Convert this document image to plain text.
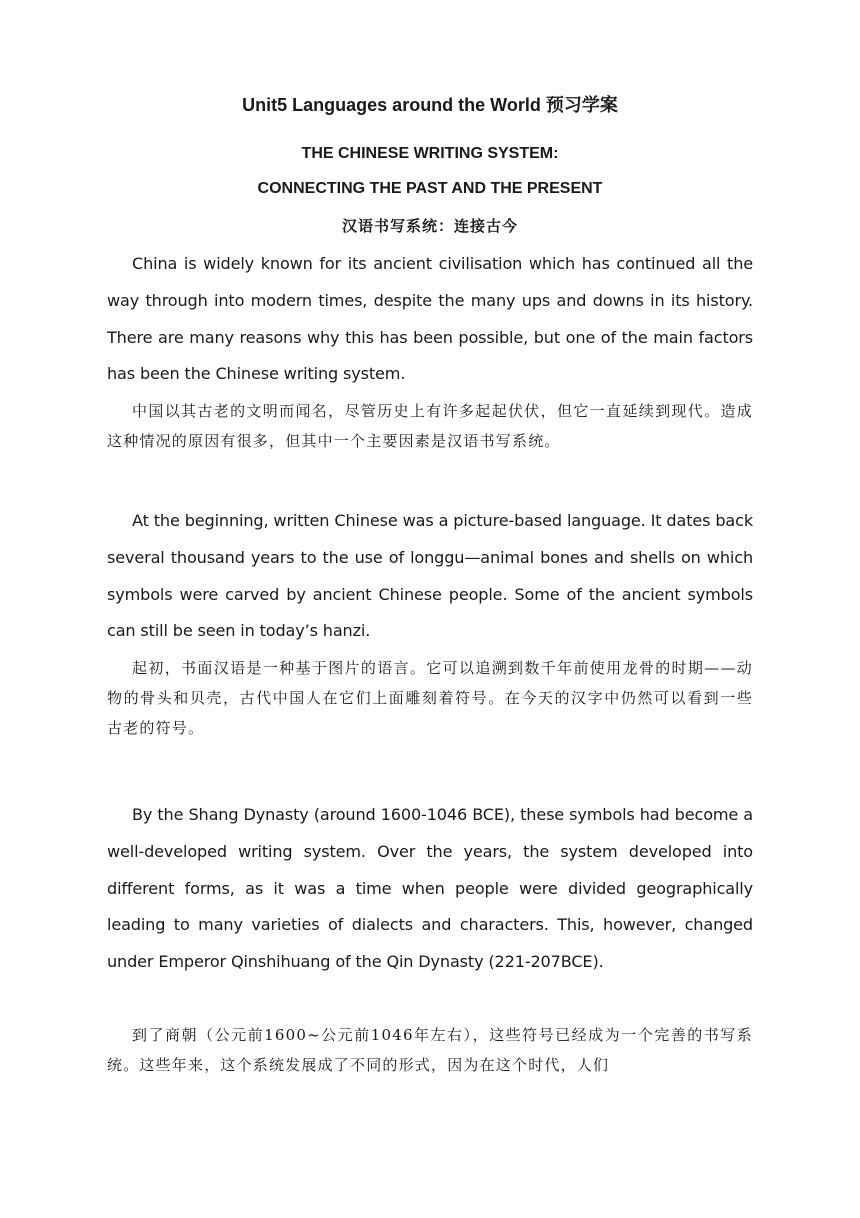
Unit5 Languages around the World 预习学案
THE CHINESE WRITING SYSTEM:
CONNECTING THE PAST AND THE PRESENT
汉语书写系统：连接古今

China is widely known for its ancient civilisation which has continued all the way through into modern times, despite the many ups and downs in its history. There are many reasons why this has been possible, but one of the main factors has been the Chinese writing system.

中国以其古老的文明而闻名，尽管历史上有许多起起伏伏，但它一直延续到现代。造成这种情况的原因有很多，但其中一个主要因素是汉语书写系统。

At the beginning, written Chinese was a picture-based language. It dates back several thousand years to the use of longgu—animal bones and shells on which symbols were carved by ancient Chinese people. Some of the ancient symbols can still be seen in today’s hanzi.

起初，书面汉语是一种基于图片的语言。它可以追溯到数千年前使用龙骨的时期——动物的骨头和贝壳，古代中国人在它们上面雕刻着符号。在今天的汉字中仍然可以看到一些古老的符号。

By the Shang Dynasty (around 1600-1046 BCE), these symbols had become a well-developed writing system. Over the years, the system developed into different forms, as it was a time when people were divided geographically leading to many varieties of dialects and characters. This, however, changed under Emperor Qinshihuang of the Qin Dynasty (221-207BCE).

到了商朝（公元前1600~公元前1046年左右），这些符号已经成为一个完善的书写系统。这些年来，这个系统发展成了不同的形式，因为在这个时代，人们
